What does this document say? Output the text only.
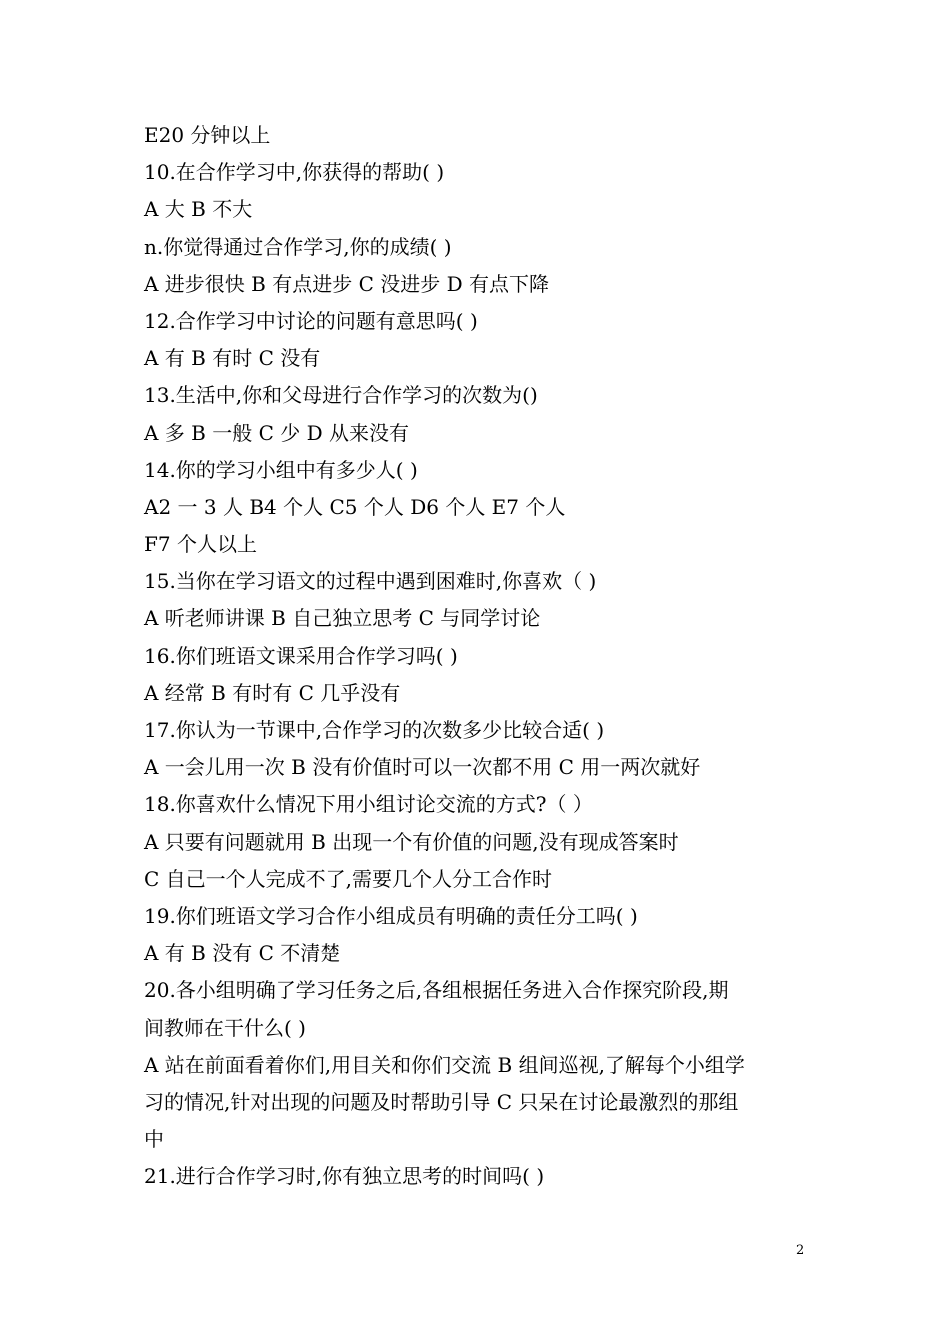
E20 分钟以上
10.在合作学习中,你获得的帮助( )
A 大 B 不大
n.你觉得通过合作学习,你的成绩( )
A 进步很快 B 有点进步 C 没进步 D 有点下降
12.合作学习中讨论的问题有意思吗( )
A 有 B 有时 C 没有
13.生活中,你和父母进行合作学习的次数为()
A 多 B 一般 C 少 D 从来没有
14.你的学习小组中有多少人( )
A2 一 3 人 B4 个人 C5 个人 D6 个人 E7 个人
F7 个人以上
15.当你在学习语文的过程中遇到困难时,你喜欢（ )
A 听老师讲课 B 自己独立思考 C 与同学讨论
16.你们班语文课采用合作学习吗( )
A 经常 B 有时有 C 几乎没有
17.你认为一节课中,合作学习的次数多少比较合适( )
A 一会儿用一次 B 没有价值时可以一次都不用 C 用一两次就好
18.你喜欢什么情况下用小组讨论交流的方式?（ ）
A 只要有问题就用 B 出现一个有价值的问题,没有现成答案时
C 自己一个人完成不了,需要几个人分工合作时
19.你们班语文学习合作小组成员有明确的责任分工吗( )
A 有 B 没有 C 不清楚
20.各小组明确了学习任务之后,各组根据任务进入合作探究阶段,期
间教师在干什么( )
A 站在前面看着你们,用目关和你们交流 B 组间巡视,了解每个小组学
习的情况,针对出现的问题及时帮助引导 C 只呆在讨论最激烈的那组
中
21.进行合作学习时,你有独立思考的时间吗( )
2
